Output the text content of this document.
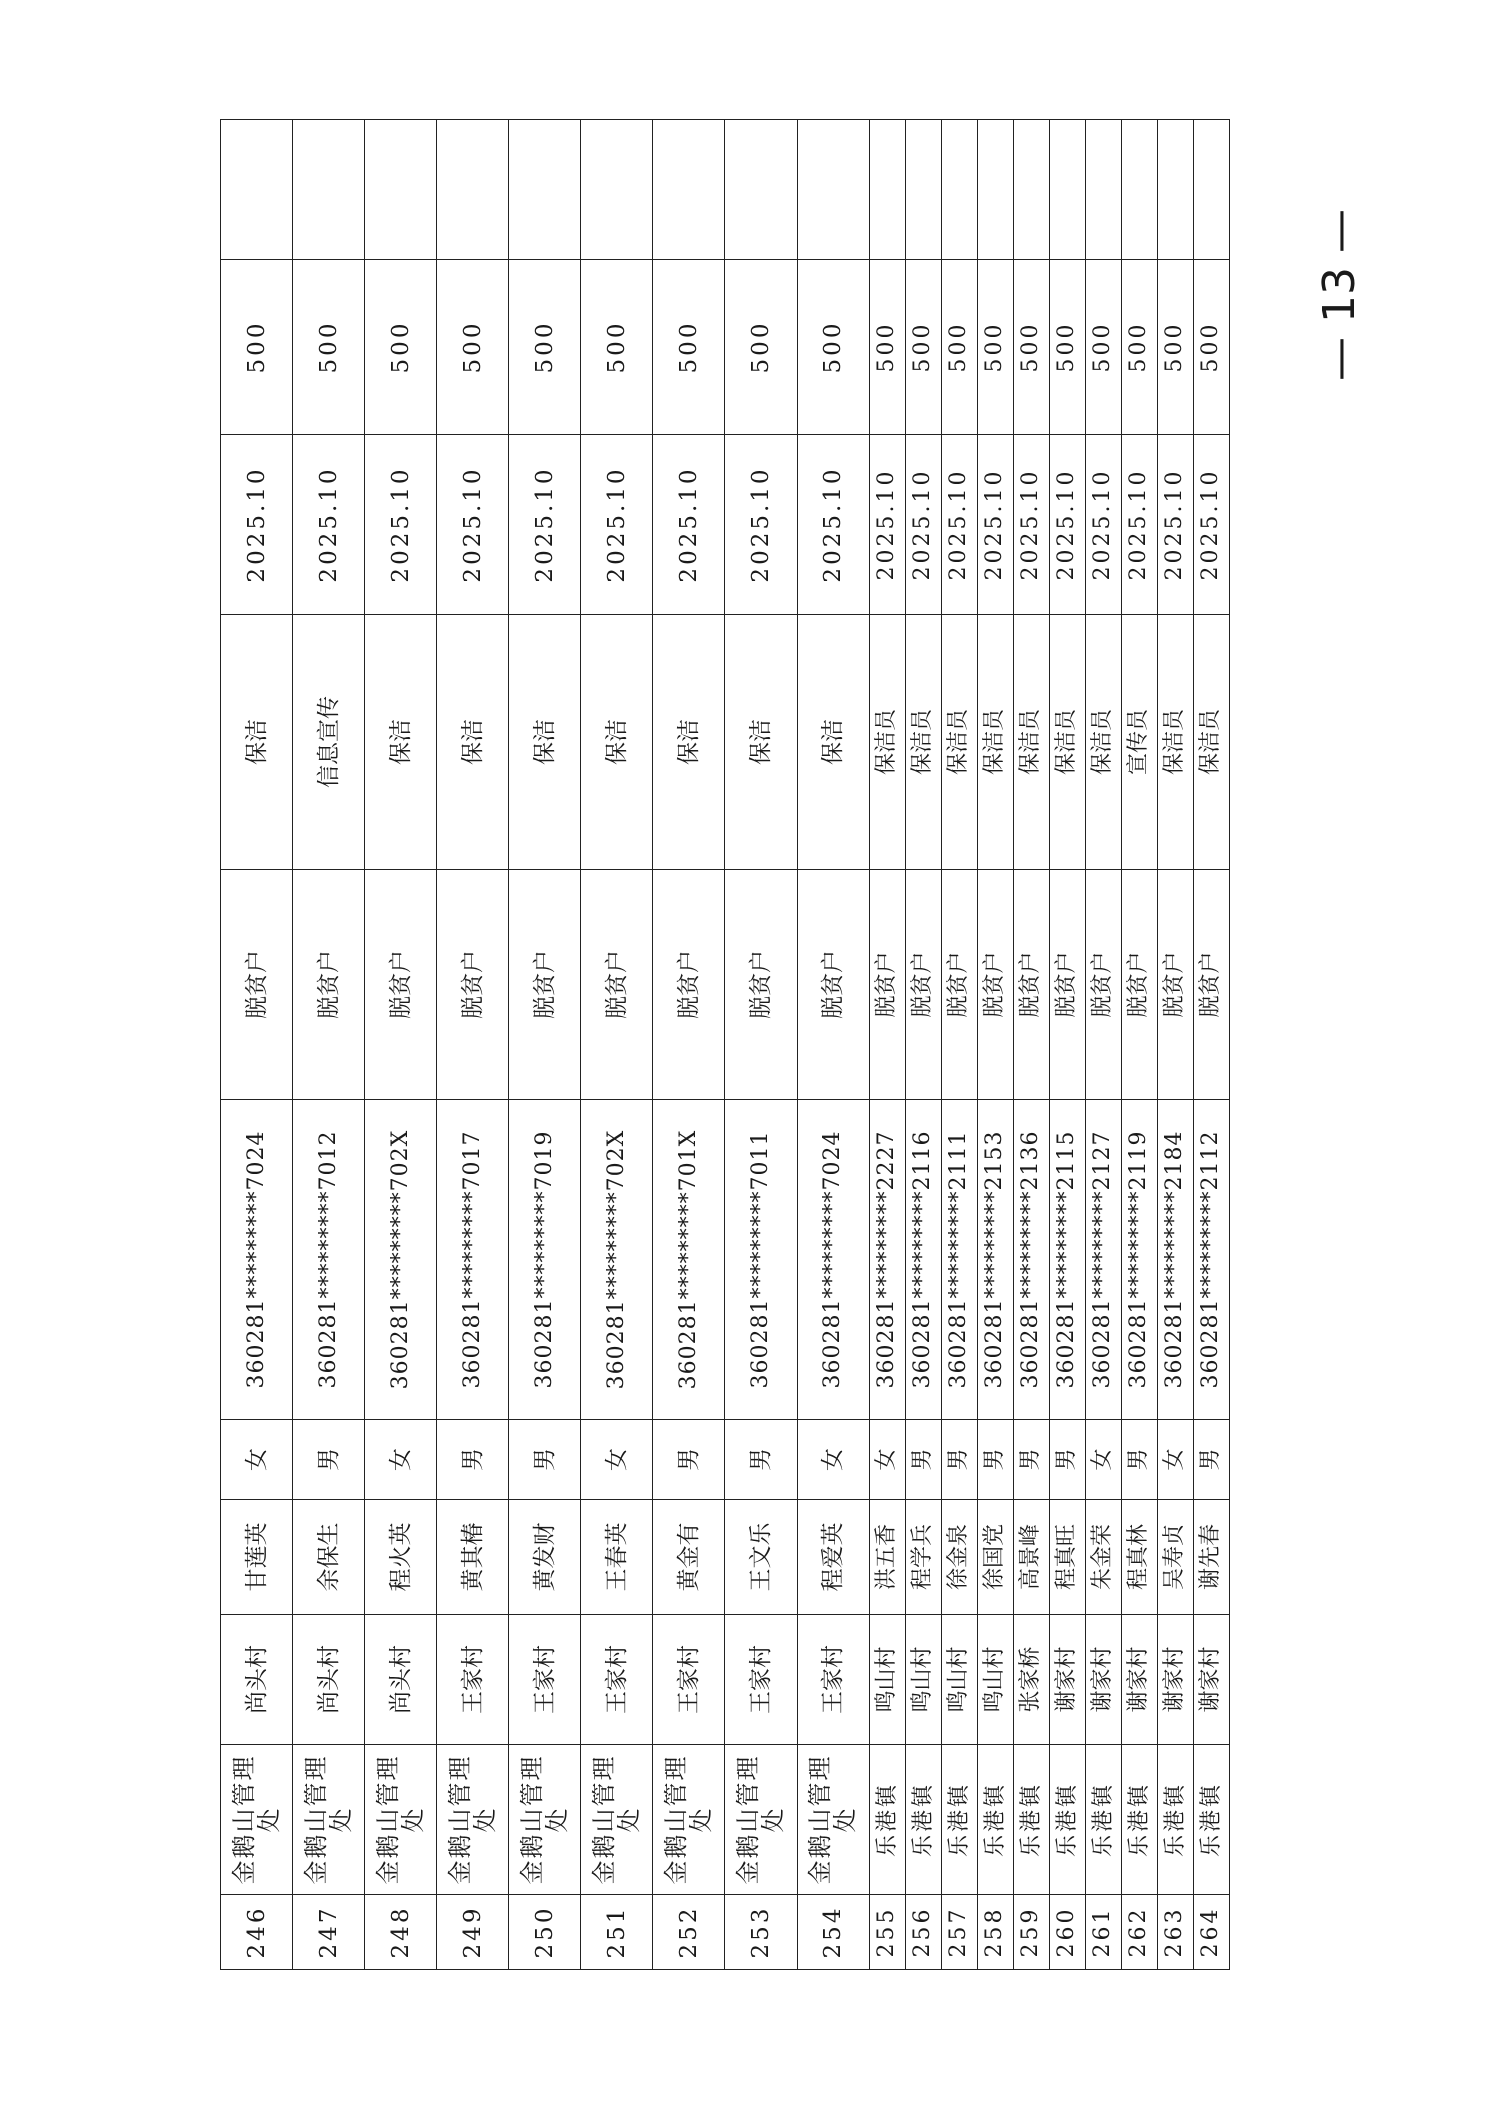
246	金鹅山管理处	尚头村	甘莲英	女	360281*********7024	脱贫户	保洁	2025.10	500	
247	金鹅山管理处	尚头村	余保生	男	360281*********7012	脱贫户	信息宣传	2025.10	500	
248	金鹅山管理处	尚头村	程火英	女	360281*********702X	脱贫户	保洁	2025.10	500	
249	金鹅山管理处	王家村	黄其椿	男	360281*********7017	脱贫户	保洁	2025.10	500	
250	金鹅山管理处	王家村	黄发财	男	360281*********7019	脱贫户	保洁	2025.10	500	
251	金鹅山管理处	王家村	王春英	女	360281*********702X	脱贫户	保洁	2025.10	500	
252	金鹅山管理处	王家村	黄金有	男	360281*********701X	脱贫户	保洁	2025.10	500	
253	金鹅山管理处	王家村	王文乐	男	360281*********7011	脱贫户	保洁	2025.10	500	
254	金鹅山管理处	王家村	程爱英	女	360281*********7024	脱贫户	保洁	2025.10	500	
255	乐港镇	鸣山村	洪五香	女	360281*********2227	脱贫户	保洁员	2025.10	500	
256	乐港镇	鸣山村	程学兵	男	360281*********2116	脱贫户	保洁员	2025.10	500	
257	乐港镇	鸣山村	徐金泉	男	360281*********2111	脱贫户	保洁员	2025.10	500	
258	乐港镇	鸣山村	徐国党	男	360281*********2153	脱贫户	保洁员	2025.10	500	
259	乐港镇	张家桥	高景峰	男	360281*********2136	脱贫户	保洁员	2025.10	500	
260	乐港镇	谢家村	程真旺	男	360281*********2115	脱贫户	保洁员	2025.10	500	
261	乐港镇	谢家村	朱金荣	女	360281*********2127	脱贫户	保洁员	2025.10	500	
262	乐港镇	谢家村	程真林	男	360281*********2119	脱贫户	宣传员	2025.10	500	
263	乐港镇	谢家村	吴寿贞	女	360281*********2184	脱贫户	保洁员	2025.10	500	
264	乐港镇	谢家村	谢先春	男	360281*********2112	脱贫户	保洁员	2025.10	500	— 13 —
